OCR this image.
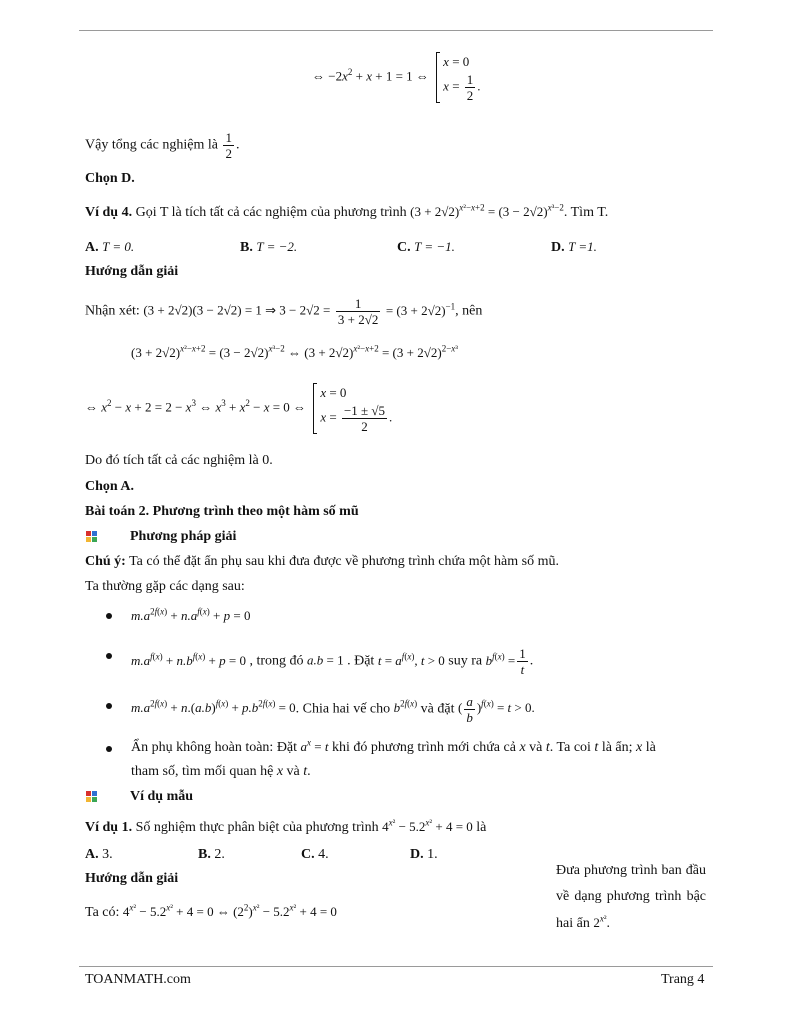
⇔ $-2x^2 + x + 1 = 1$ ⇔
x = 0
$x = \frac{1}{2}$ .
Vậy tổng các nghiệm là $\frac{1}{2}$ .
Chọn D.
Ví dụ 4. Gọi T là tích tất cả các nghiệm của phương trình $(3 + 2√2)^{x^2-x+2} = (3 - 2√2)^{x^3-2}$. Tìm T.
A. T = 0.	B. T = −2.	C. T = −1.	D. T =1.
Hướng dẫn giải
Nhận xét: (3 + 2√2)(3 − 2√2) = 1 ⇒ $3 - 2√2 = \frac{1}{3 + 2√2} = (3 + 2√2)^{-1}$, nên
$(3 + 2√2)^{x^2-x+2} = (3 - 2√2)^{x^3-2}$ ⇔ $(3 + 2√2)^{x^2-x+2} = (3 + 2√2)^{2-x^3}$
⇔ $x^2 - x + 2 = 2 - x^3$ ⇔ $x^3 + x^2 - x = 0$ ⇔
x = 0
$x = \frac{-1 \pm √5}{2}$ .
Do đó tích tất cả các nghiệm là 0.
Chọn A.
Bài toán 2. Phương trình theo một hàm số mũ
Phương pháp giải
Chú ý: Ta có thể đặt ẩn phụ sau khi đưa được về phương trình chứa một hàm số mũ.
Ta thường gặp các dạng sau:
$m.a^{2f(x)} + n.a^{f(x)} + p = 0$
$m.a^{f(x)} + n.b^{f(x)} + p = 0$ , trong đó a.b = 1 . Đặt $t = a^{f(x)}$, t > 0 suy ra $b^{f(x)} = \frac{1}{t}$ .
$m.a^{2f(x)} + n.(a.b)^{f(x)} + p.b^{2f(x)} = 0$. Chia hai vế cho $b^{2f(x)}$ và đặt ( $\frac{a}{b} )^{f(x)} = t > 0$.
Ẩn phụ không hoàn toàn: Đặt $a^x = t$ khi đó phương trình mới chứa cả x và t. Ta coi t là ẩn; x là
tham số, tìm mối quan hệ x và t.
Ví dụ mẫu
Ví dụ 1. Số nghiệm thực phân biệt của phương trình $4^{x^2} - 5.2^{x^2} + 4 = 0$ là
A. 3.	B. 2.	C. 4.	D. 1.
Hướng dẫn giải
Ta có: $4^{x^2} - 5.2^{x^2} + 4 = 0$ ⇔ $(2^2)^{x^2} - 5.2^{x^2} + 4 = 0$
Đưa phương trình ban đầu về dạng phương trình bậc hai ẩn $2^{x^2}$.
TOANMATH.com	Trang 4
